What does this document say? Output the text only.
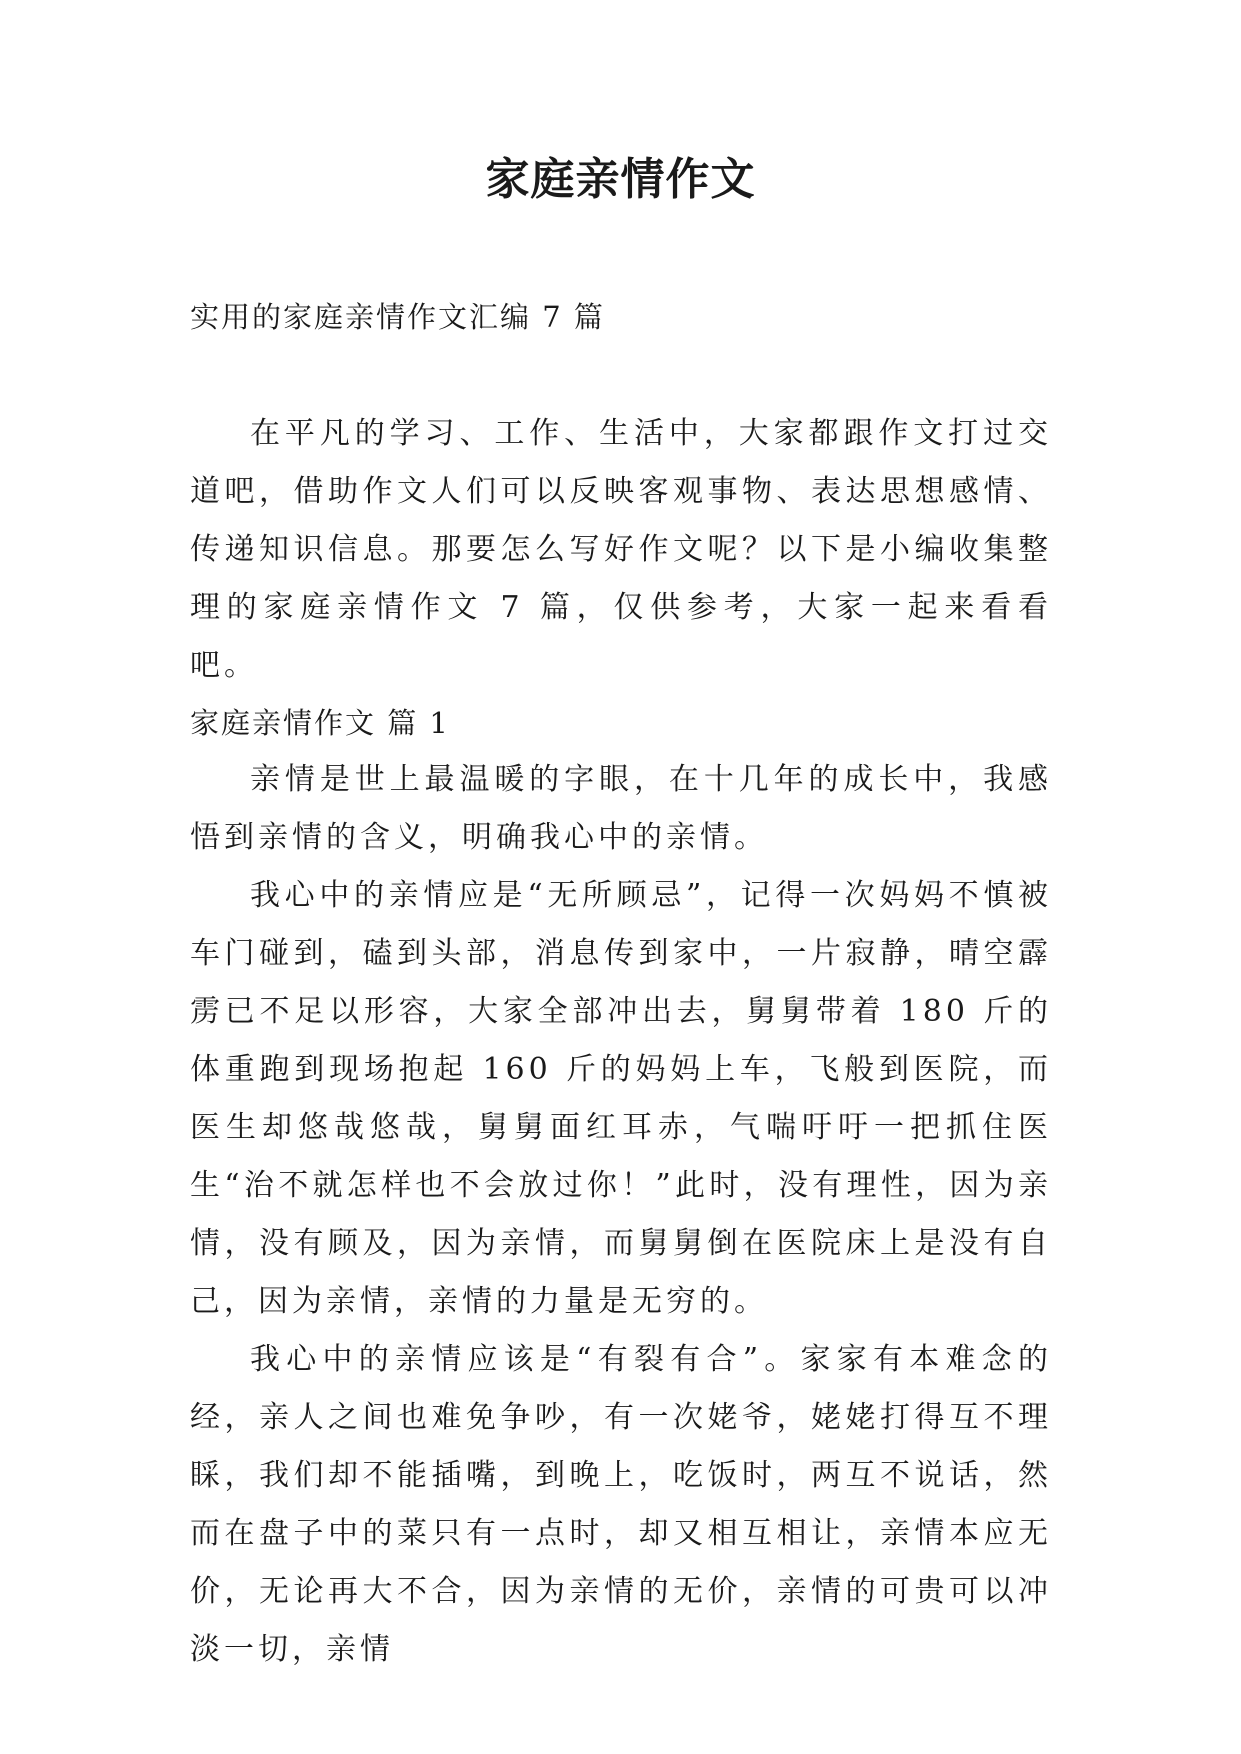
家庭亲情作文

实用的家庭亲情作文汇编 7 篇

在平凡的学习、工作、生活中，大家都跟作文打过交道吧，借助作文人们可以反映客观事物、表达思想感情、传递知识信息。那要怎么写好作文呢？以下是小编收集整理的家庭亲情作文 7 篇，仅供参考，大家一起来看看吧。

家庭亲情作文 篇 1

亲情是世上最温暖的字眼，在十几年的成长中，我感悟到亲情的含义，明确我心中的亲情。

我心中的亲情应是“无所顾忌”，记得一次妈妈不慎被车门碰到，磕到头部，消息传到家中，一片寂静，晴空霹雳已不足以形容，大家全部冲出去，舅舅带着 180 斤的体重跑到现场抱起 160 斤的妈妈上车，飞般到医院，而医生却悠哉悠哉，舅舅面红耳赤，气喘吁吁一把抓住医生“治不就怎样也不会放过你！”此时，没有理性，因为亲情，没有顾及，因为亲情，而舅舅倒在医院床上是没有自己，因为亲情，亲情的力量是无穷的。

我心中的亲情应该是“有裂有合”。家家有本难念的经，亲人之间也难免争吵，有一次姥爷，姥姥打得互不理睬，我们却不能插嘴，到晚上，吃饭时，两互不说话，然而在盘子中的菜只有一点时，却又相互相让，亲情本应无价，无论再大不合，因为亲情的无价，亲情的可贵可以冲淡一切，亲情
